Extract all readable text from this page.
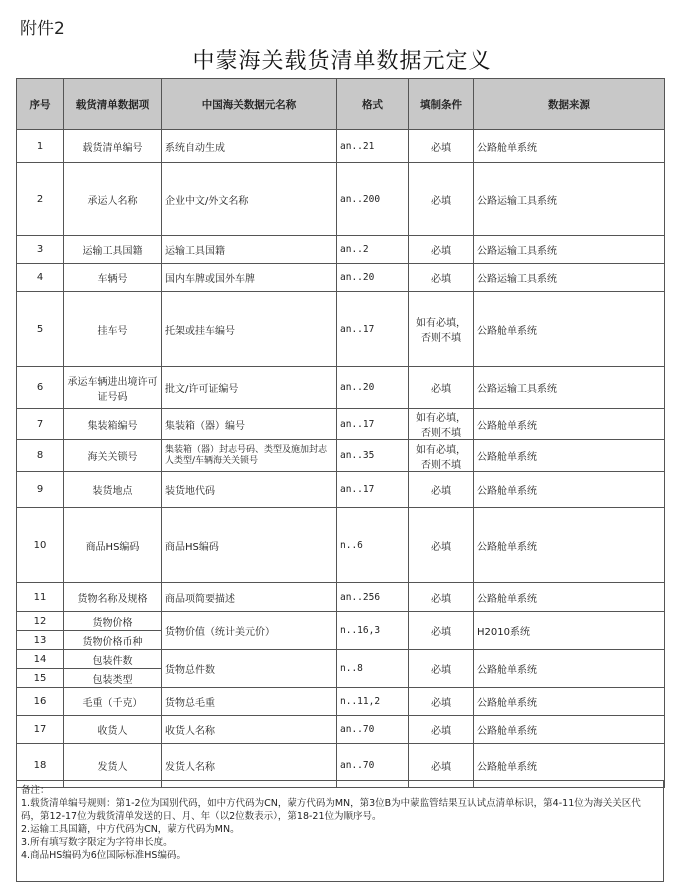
附件2
中蒙海关载货清单数据元定义
序号	载货清单数据项	中国海关数据元名称	格式	填制条件	数据来源
1	载货清单编号	系统自动生成	an..21	必填	公路舱单系统
2	承运人名称	企业中文/外文名称	an..200	必填	公路运输工具系统
3	运输工具国籍	运输工具国籍	an..2	必填	公路运输工具系统
4	车辆号	国内车牌或国外车牌	an..20	必填	公路运输工具系统
5	挂车号	托架或挂车编号	an..17	如有必填，否则不填	公路舱单系统
6	承运车辆进出境许可证号码	批文/许可证编号	an..20	必填	公路运输工具系统
7	集装箱编号	集装箱（器）编号	an..17	如有必填，否则不填	公路舱单系统
8	海关关锁号	集装箱（器）封志号码、类型及施加封志人类型/车辆海关关锁号	an..35	如有必填，否则不填	公路舱单系统
9	装货地点	装货地代码	an..17	必填	公路舱单系统
10	商品HS编码	商品HS编码	n..6	必填	公路舱单系统
11	货物名称及规格	商品项简要描述	an..256	必填	公路舱单系统
12	货物价格	货物价值（统计美元价）	n..16,3	必填	H2010系统
13	货物价格币种				
14	包装件数	货物总件数	n..8	必填	公路舱单系统
15	包装类型				
16	毛重（千克）	货物总毛重	n..11,2	必填	公路舱单系统
17	收货人	收货人名称	an..70	必填	公路舱单系统
18	发货人	发货人名称	an..70	必填	公路舱单系统
备注：
1.载货清单编号规则：第1-2位为国别代码，如中方代码为CN，蒙方代码为MN，第3位B为中蒙监管结果互认试点清单标识，第4-11位为海关关区代码，第12-17位为载货清单发送的日、月、年（以2位数表示），第18-21位为顺序号。
2.运输工具国籍，中方代码为CN，蒙方代码为MN。
3.所有填写数字限定为字符串长度。
4.商品HS编码为6位国际标准HS编码。
